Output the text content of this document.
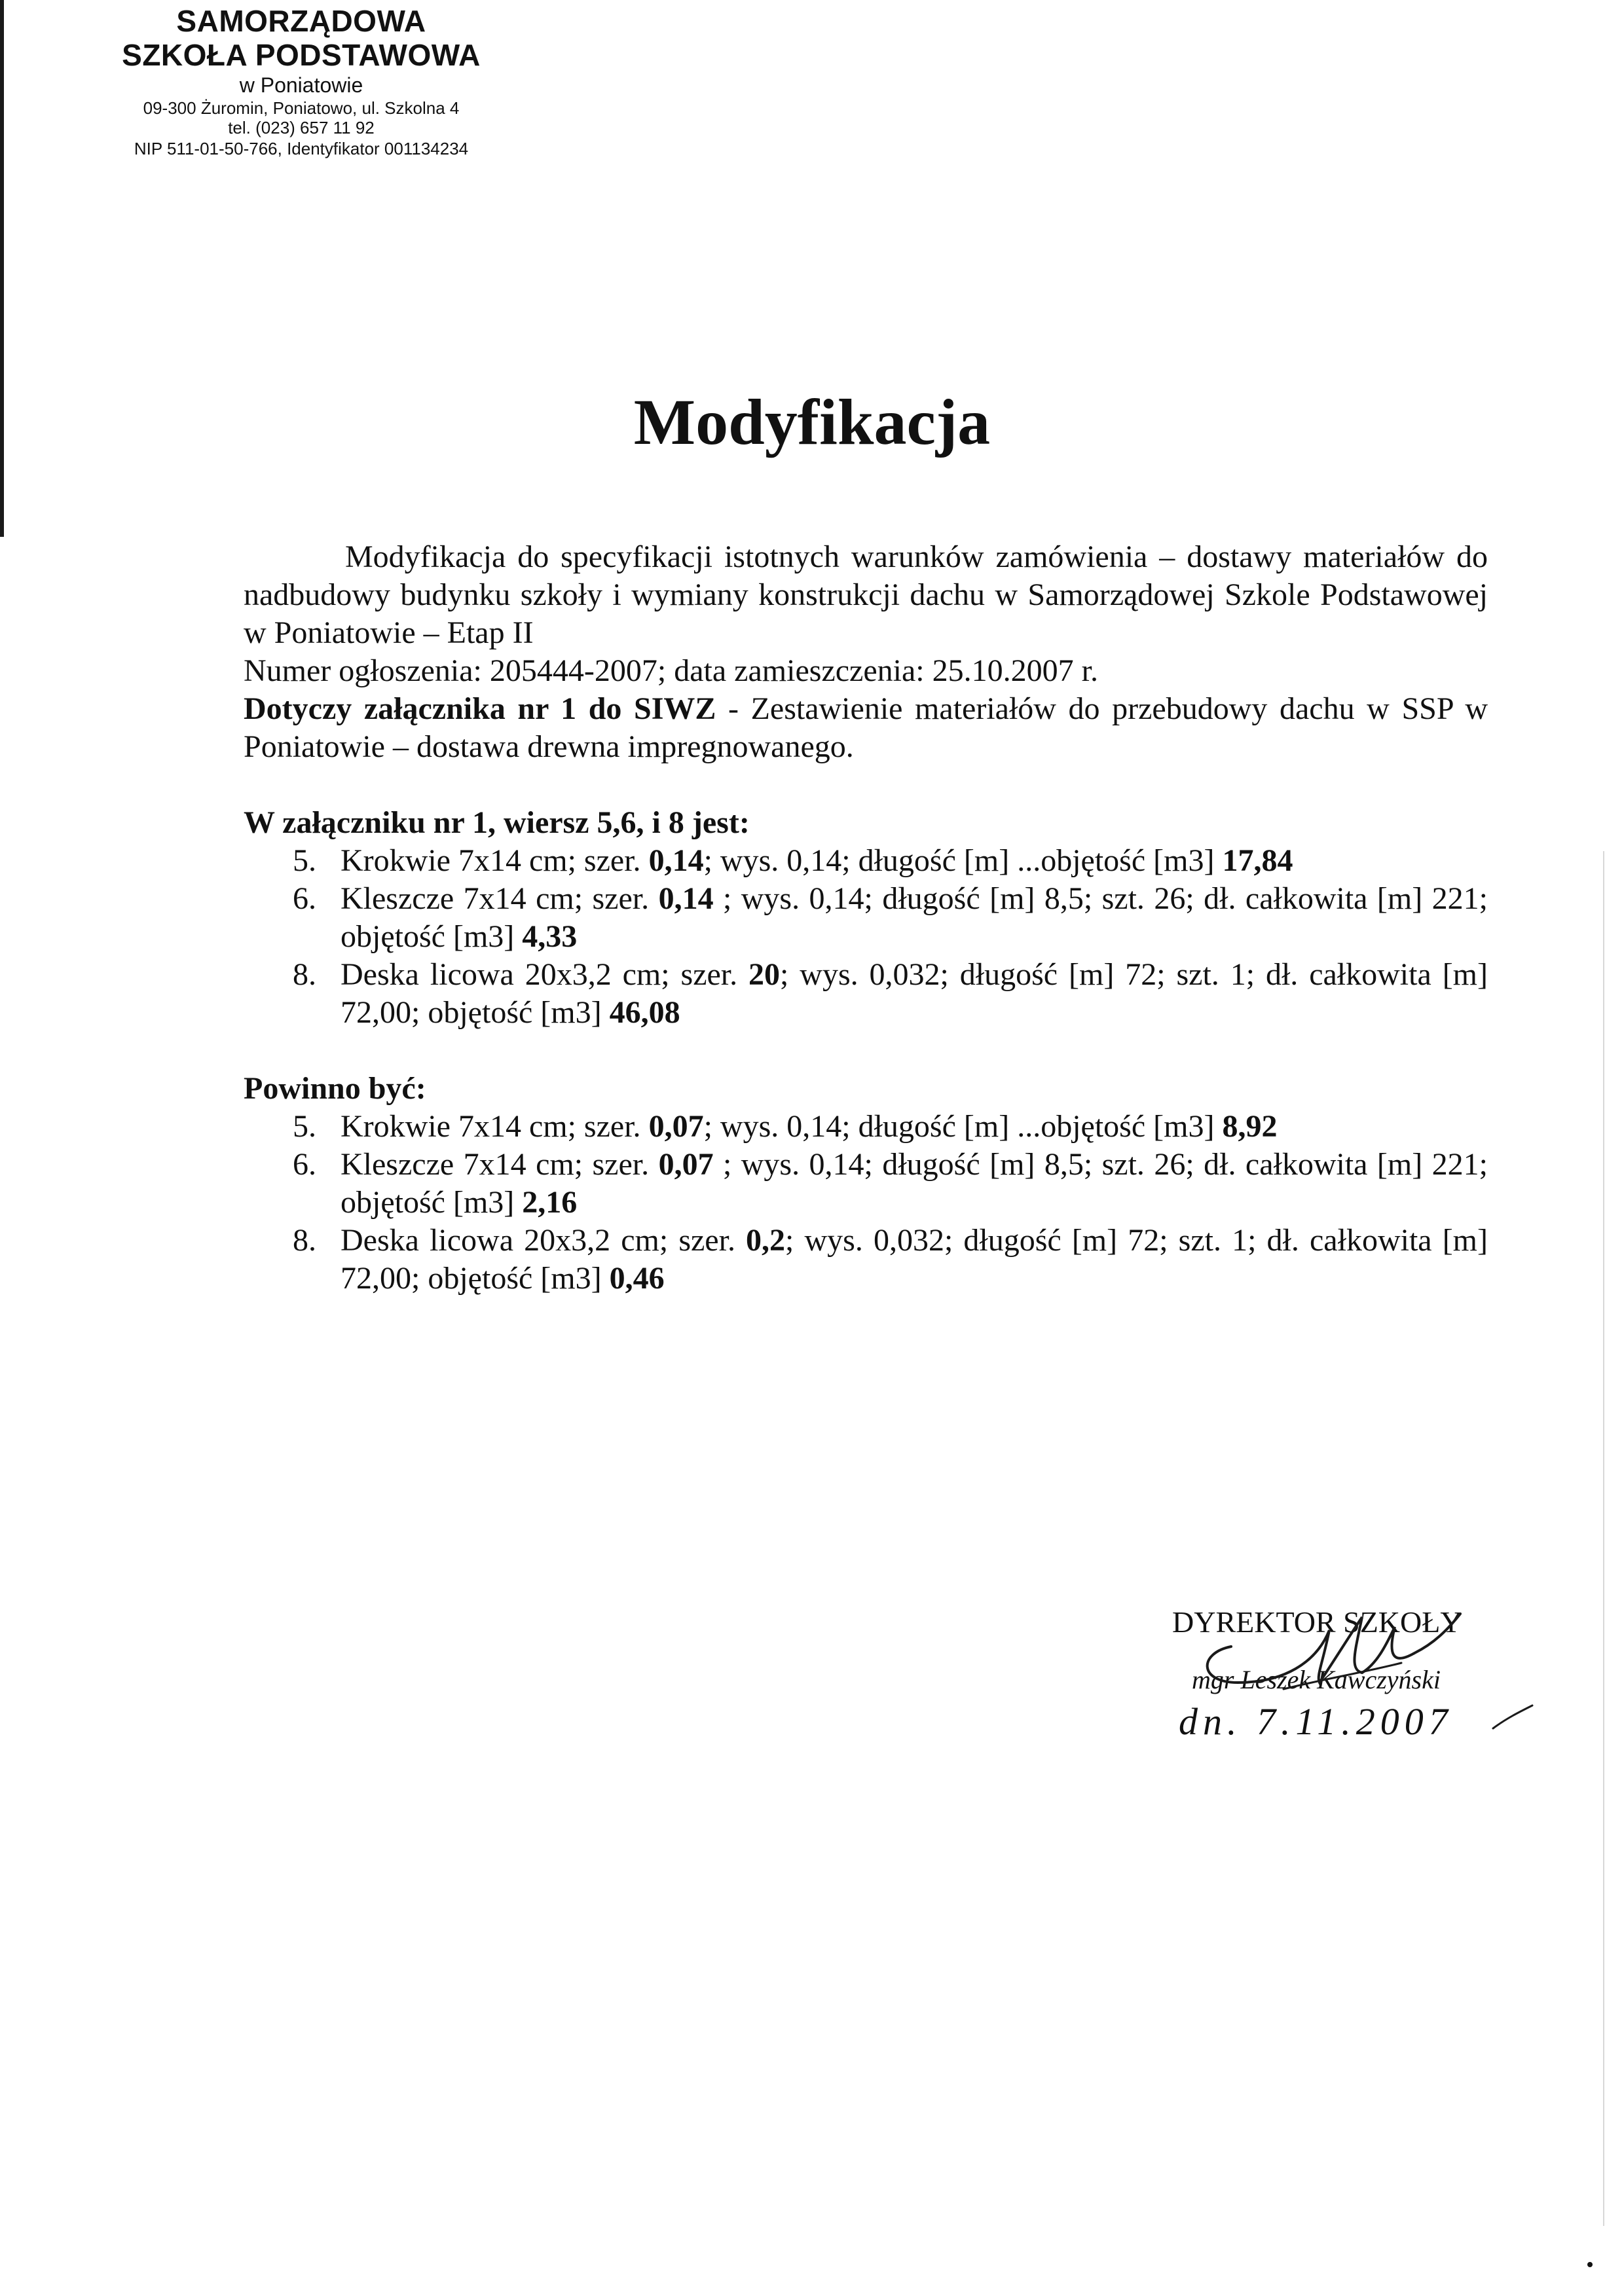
SAMORZĄDOWA
SZKOŁA PODSTAWOWA
w Poniatowie
09-300 Żuromin, Poniatowo, ul. Szkolna 4
tel. (023) 657 11 92
NIP 511-01-50-766, Identyfikator 001134234
Modyfikacja
Modyfikacja do specyfikacji istotnych warunków zamówienia – dostawy materiałów do nadbudowy budynku szkoły i wymiany konstrukcji dachu w Samorządowej Szkole Podstawowej w Poniatowie – Etap II
Numer ogłoszenia: 205444-2007; data zamieszczenia: 25.10.2007 r.
Dotyczy załącznika nr 1 do SIWZ - Zestawienie materiałów do przebudowy dachu w SSP w Poniatowie – dostawa drewna impregnowanego.
W załączniku nr 1, wiersz 5,6, i 8 jest:
5. Krokwie 7x14 cm; szer. 0,14; wys. 0,14; długość [m] ...objętość [m3] 17,84
6. Kleszcze 7x14 cm; szer. 0,14 ; wys. 0,14; długość [m] 8,5; szt. 26; dł. całkowita [m] 221; objętość [m3] 4,33
8. Deska licowa 20x3,2 cm; szer. 20; wys. 0,032; długość [m] 72; szt. 1; dł. całkowita [m] 72,00; objętość [m3] 46,08
Powinno być:
5. Krokwie 7x14 cm; szer. 0,07; wys. 0,14; długość [m] ...objętość [m3] 8,92
6. Kleszcze 7x14 cm; szer. 0,07 ; wys. 0,14; długość [m] 8,5; szt. 26; dł. całkowita [m] 221; objętość [m3] 2,16
8. Deska licowa 20x3,2 cm; szer. 0,2; wys. 0,032; długość [m] 72; szt. 1; dł. całkowita [m] 72,00; objętość [m3] 0,46
DYREKTOR SZKOŁY
mgr Leszek Kawczyński
dn. 7.11.2007
